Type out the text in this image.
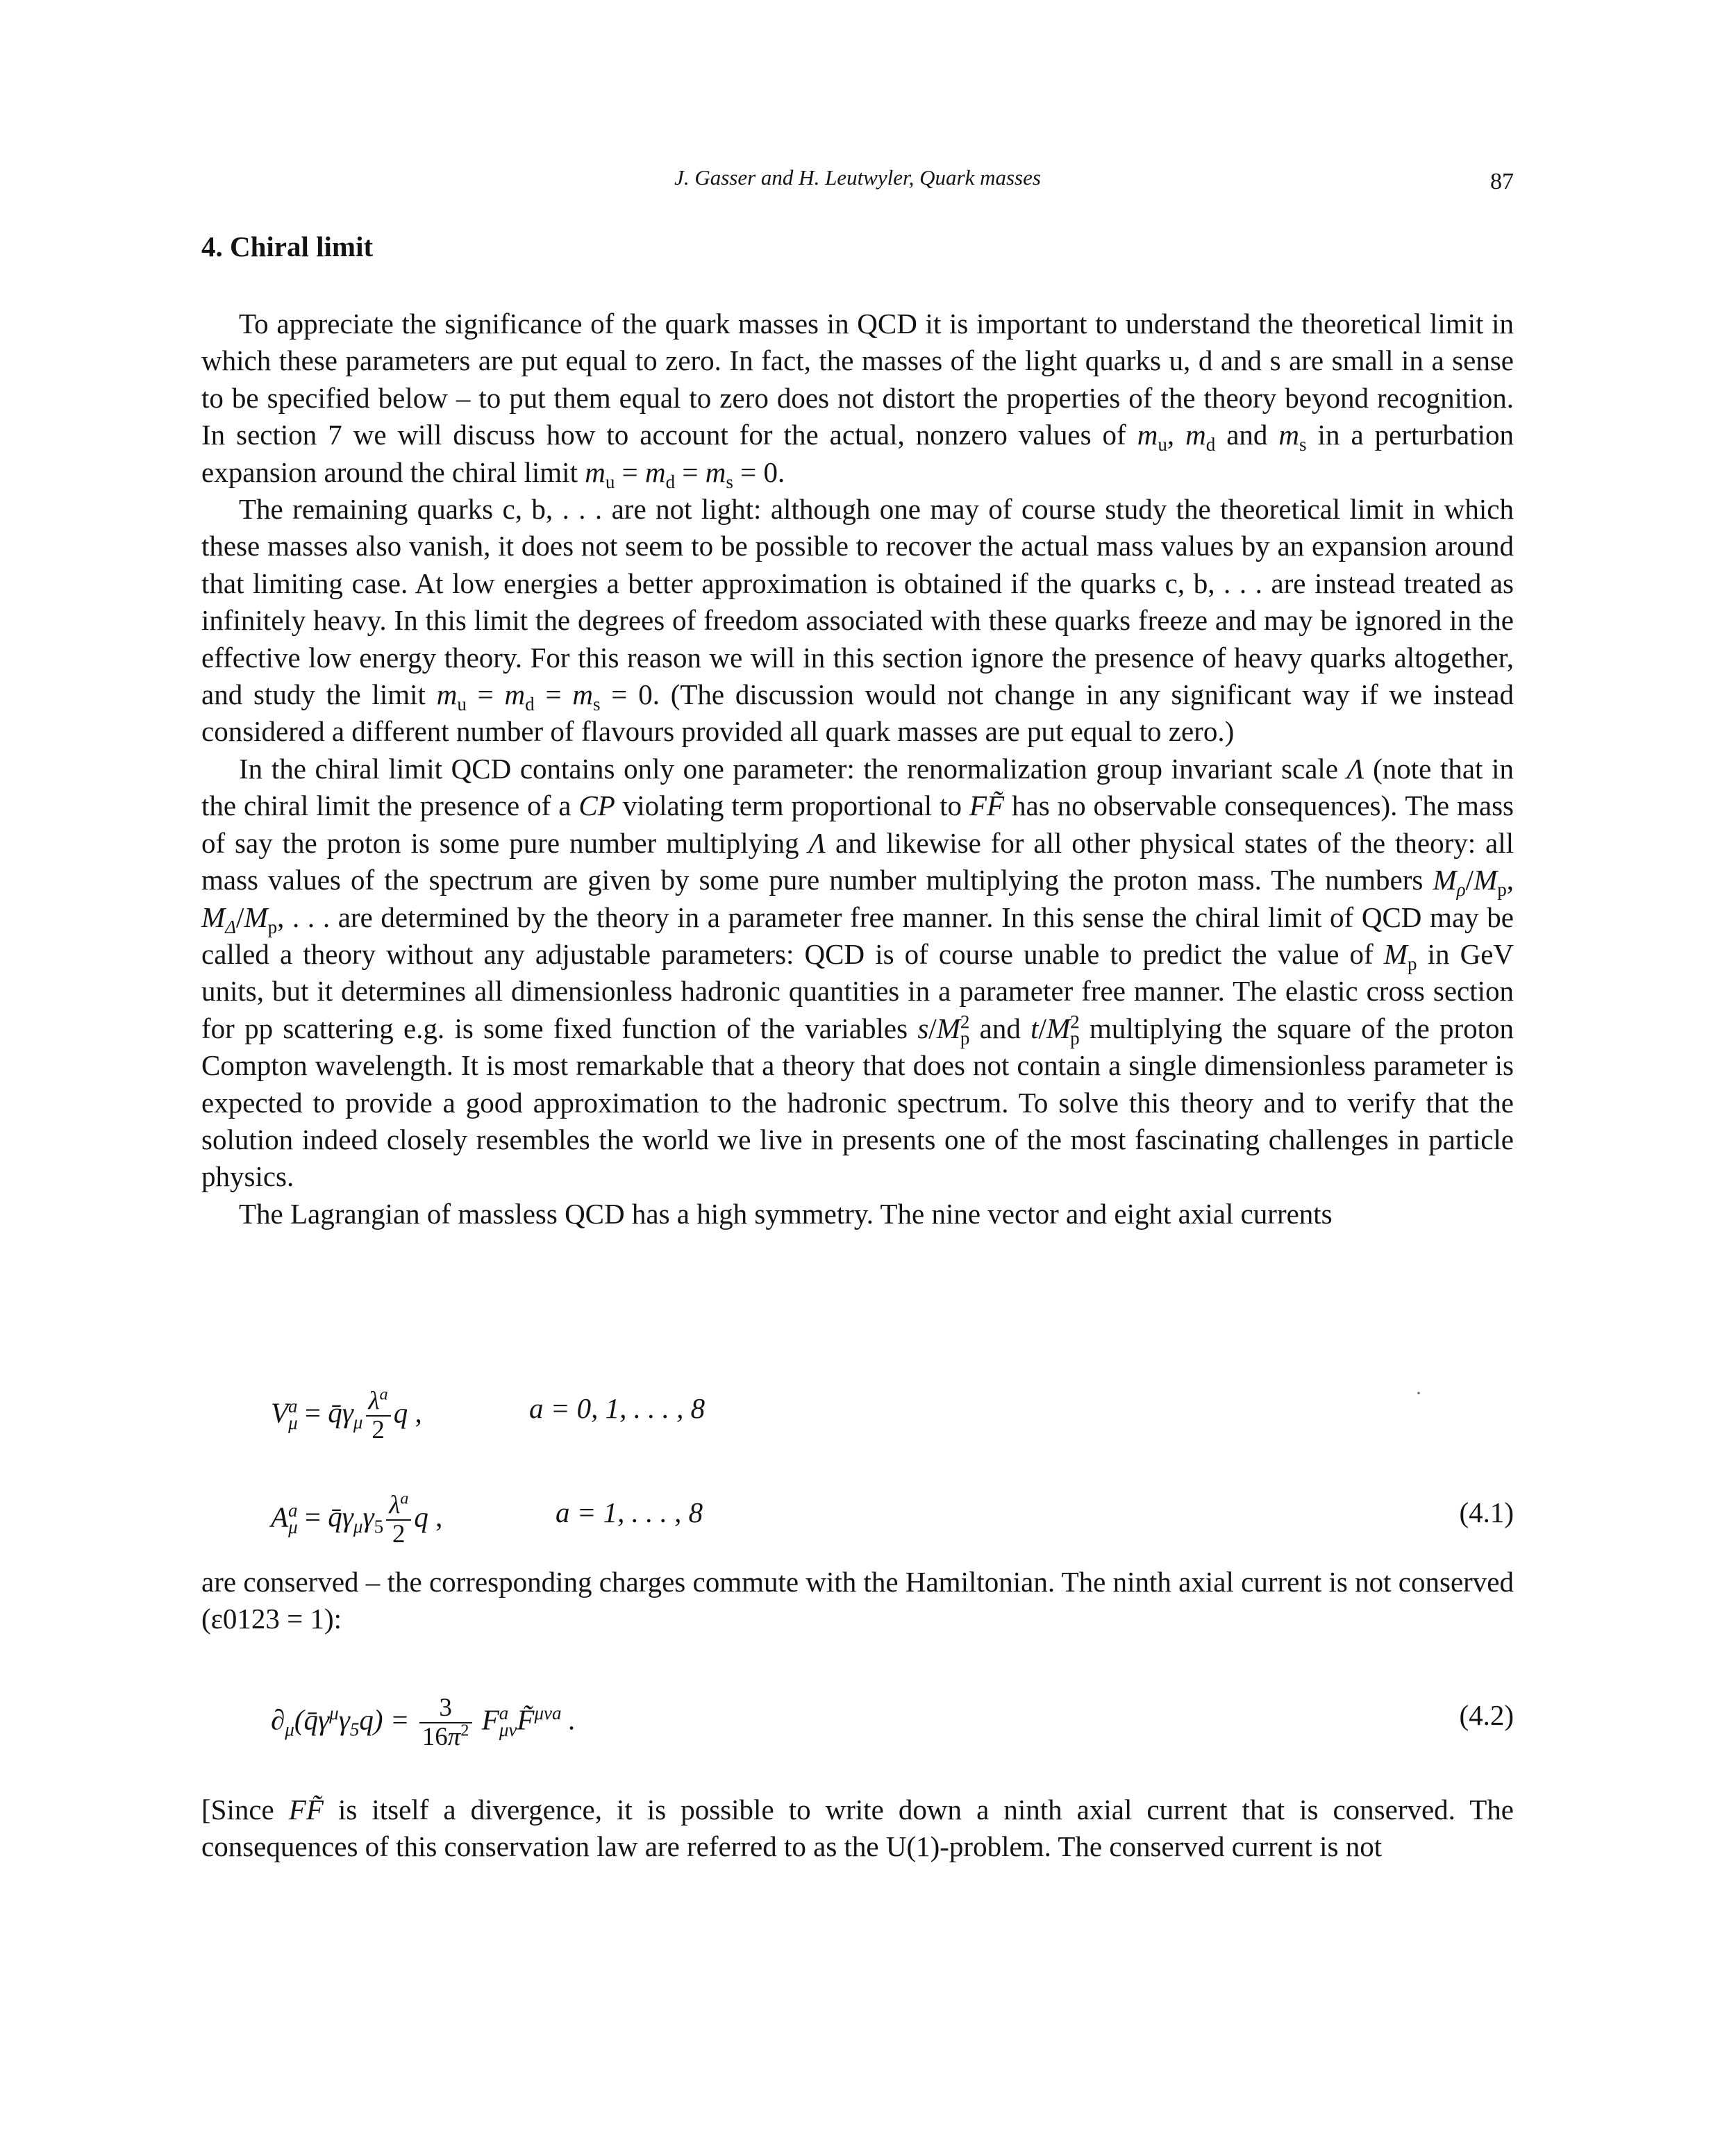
J. Gasser and H. Leutwyler, Quark masses	87
4. Chiral limit

To appreciate the significance of the quark masses in QCD it is important to understand the theoretical limit in which these parameters are put equal to zero. In fact, the masses of the light quarks u, d and s are small in a sense to be specified below – to put them equal to zero does not distort the properties of the theory beyond recognition. In section 7 we will discuss how to account for the actual, nonzero values of $m_u$, $m_d$ and $m_s$ in a perturbation expansion around the chiral limit $m_u = m_d = m_s = 0$.

The remaining quarks c, b, . . . are not light: although one may of course study the theoretical limit in which these masses also vanish, it does not seem to be possible to recover the actual mass values by an expansion around that limiting case. At low energies a better approximation is obtained if the quarks c, b, . . . are instead treated as infinitely heavy. In this limit the degrees of freedom associated with these quarks freeze and may be ignored in the effective low energy theory. For this reason we will in this section ignore the presence of heavy quarks altogether, and study the limit $m_u = m_d = m_s = 0$. (The discussion would not change in any significant way if we instead considered a different number of flavours provided all quark masses are put equal to zero.)

In the chiral limit QCD contains only one parameter: the renormalization group invariant scale Λ (note that in the chiral limit the presence of a CP violating term proportional to FF̃ has no observable consequences). The mass of say the proton is some pure number multiplying Λ and likewise for all other physical states of the theory: all mass values of the spectrum are given by some pure number multiplying the proton mass. The numbers $M_\rho/M_p$, $M_\Delta/M_p$, . . . are determined by the theory in a parameter free manner. In this sense the chiral limit of QCD may be called a theory without any adjustable parameters: QCD is of course unable to predict the value of $M_p$ in GeV units, but it determines all dimensionless hadronic quantities in a parameter free manner. The elastic cross section for pp scattering e.g. is some fixed function of the variables $s/M^2_p$ and $t/M^2_p$ multiplying the square of the proton Compton wavelength. It is most remarkable that a theory that does not contain a single dimensionless parameter is expected to provide a good approximation to the hadronic spectrum. To solve this theory and to verify that the solution indeed closely resembles the world we live in presents one of the most fascinating challenges in particle physics.

The Lagrangian of massless QCD has a high symmetry. The nine vector and eight axial currents

$V^a_\mu$ = $q̄\gamma_\mu \frac{\lambda^a}{2}$ q ,	a = 0, 1, . . . , 8	·
$A^a_\mu$ = $q̄\gamma_\mu\gamma_5 \frac{\lambda^a}{2}$ q ,	a = 1, . . . , 8	(4.1)

are conserved – the corresponding charges commute with the Hamiltonian. The ninth axial current is not conserved (ε0123 = 1):

$\partial_\mu(q̄\gamma^\mu\gamma_5q) = \frac{3}{16\pi^2}$ $F^a_{\mu\nu}F̃^{\mu\nu a}$ .	(4.2)

[Since FF̃ is itself a divergence, it is possible to write down a ninth axial current that is conserved. The consequences of this conservation law are referred to as the U(1)-problem. The conserved current is not
